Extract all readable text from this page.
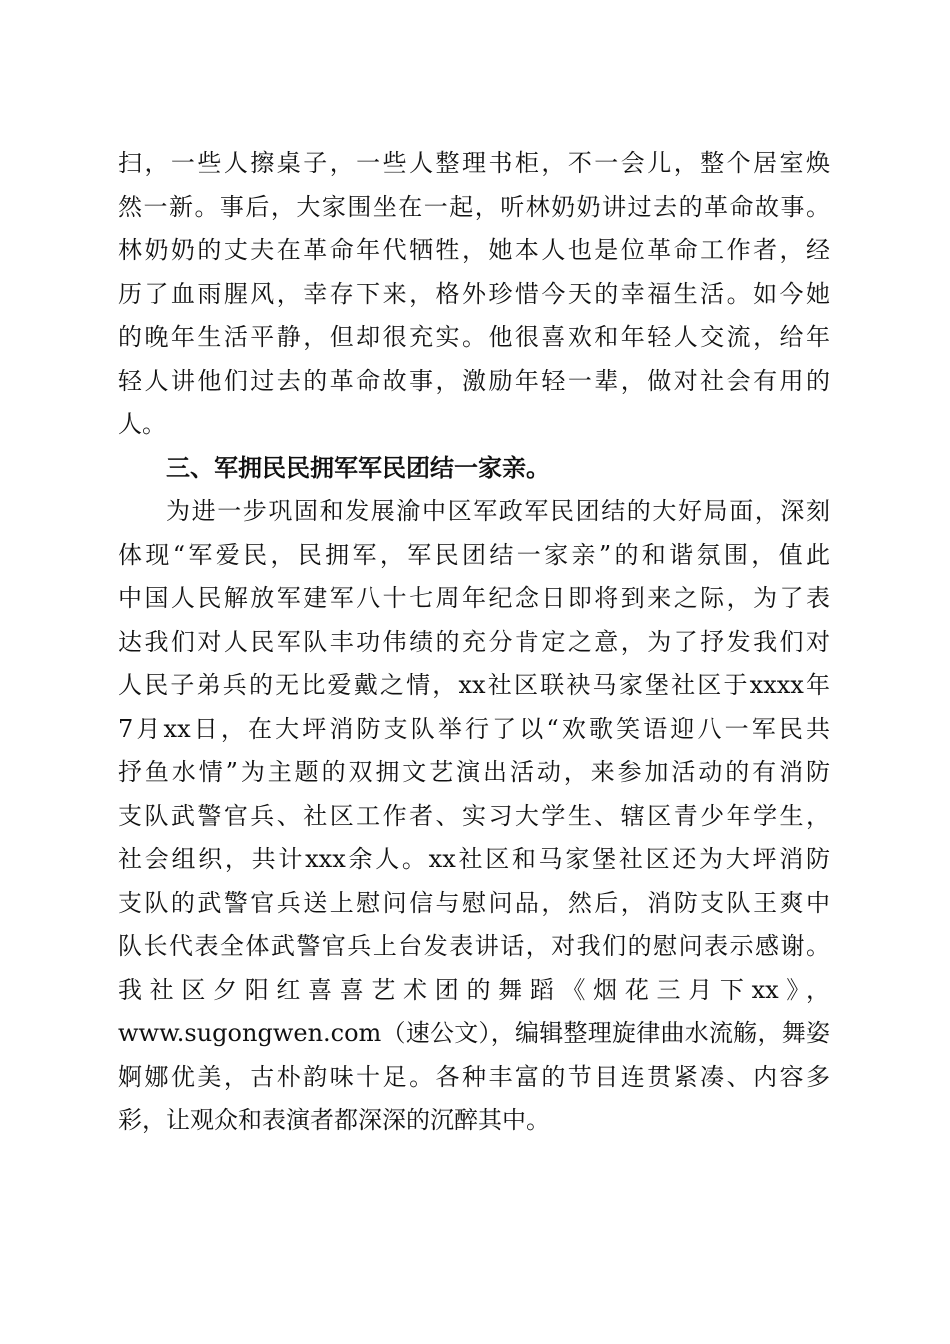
扫，一些人擦桌子，一些人整理书柜，不一会儿，整个居室焕
然一新。事后，大家围坐在一起，听林奶奶讲过去的革命故事。
林奶奶的丈夫在革命年代牺牲，她本人也是位革命工作者，经
历了血雨腥风，幸存下来，格外珍惜今天的幸福生活。如今她
的晚年生活平静，但却很充实。他很喜欢和年轻人交流，给年
轻人讲他们过去的革命故事，激励年轻一辈，做对社会有用的
人。
三、军拥民民拥军军民团结一家亲。
为进一步巩固和发展渝中区军政军民团结的大好局面，深刻
体现“军爱民，民拥军，军民团结一家亲”的和谐氛围，值此
中国人民解放军建军八十七周年纪念日即将到来之际，为了表
达我们对人民军队丰功伟绩的充分肯定之意，为了抒发我们对
人民子弟兵的无比爱戴之情，xx社区联袂马家堡社区于xxxx年
7月xx日，在大坪消防支队举行了以“欢歌笑语迎八一军民共
抒鱼水情”为主题的双拥文艺演出活动，来参加活动的有消防
支队武警官兵、社区工作者、实习大学生、辖区青少年学生，
社会组织，共计xxx余人。xx社区和马家堡社区还为大坪消防
支队的武警官兵送上慰问信与慰问品，然后，消防支队王爽中
队长代表全体武警官兵上台发表讲话，对我们的慰问表示感谢。
我社区夕阳红喜喜艺术团的舞蹈《烟花三月下xx》，
www.sugongwen.com（速公文），编辑整理旋律曲水流觞，舞姿
婀娜优美，古朴韵味十足。各种丰富的节目连贯紧凑、内容多
彩，让观众和表演者都深深的沉醉其中。
